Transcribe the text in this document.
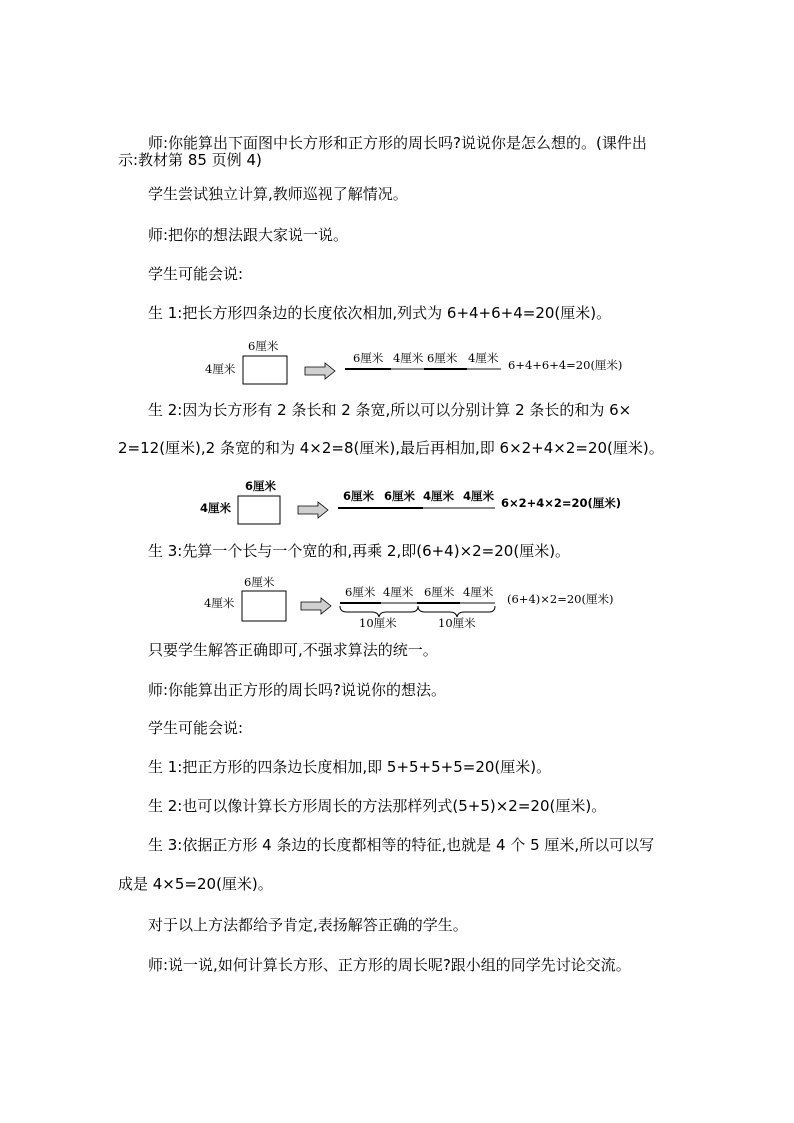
师:你能算出下面图中长方形和正方形的周长吗?说说你是怎么想的。(课件出
示:教材第 85 页例 4)
学生尝试独立计算,教师巡视了解情况。
师:把你的想法跟大家说一说。
学生可能会说:
生 1:把长方形四条边的长度依次相加,列式为 6+4+6+4=20(厘米)。
生 2:因为长方形有 2 条长和 2 条宽,所以可以分别计算 2 条长的和为 6×
2=12(厘米),2 条宽的和为 4×2=8(厘米),最后再相加,即 6×2+4×2=20(厘米)。
生 3:先算一个长与一个宽的和,再乘 2,即(6+4)×2=20(厘米)。
只要学生解答正确即可,不强求算法的统一。
师:你能算出正方形的周长吗?说说你的想法。
学生可能会说:
生 1:把正方形的四条边长度相加,即 5+5+5+5=20(厘米)。
生 2:也可以像计算长方形周长的方法那样列式(5+5)×2=20(厘米)。
生 3:依据正方形 4 条边的长度都相等的特征,也就是 4 个 5 厘米,所以可以写
成是 4×5=20(厘米)。
对于以上方法都给予肯定,表扬解答正确的学生。
师:说一说,如何计算长方形、正方形的周长呢?跟小组的同学先讨论交流。
6厘米
4厘米
6厘米 4厘米 6厘米 4厘米 6+4+6+4=20(厘米)
6厘米
4厘米
6厘米 6厘米 4厘米 4厘米 6×2+4×2=20(厘米)
6厘米
4厘米
6厘米 4厘米 6厘米 4厘米
10厘米	10厘米
(6+4)×2=20(厘米)
